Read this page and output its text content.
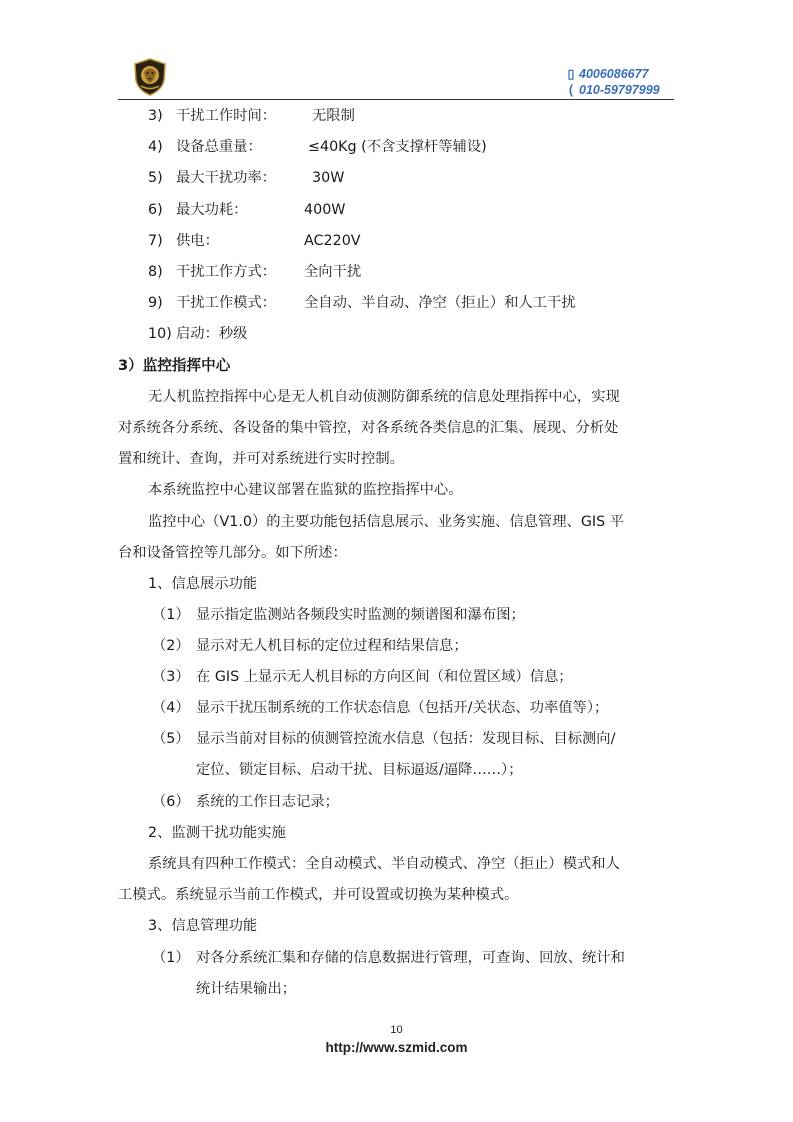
▯ 4006086677
( 010-59797999
3) 干扰工作时间：	无限制
4) 设备总重量：	≤40Kg (不含支撑杆等辅设)
5) 最大干扰功率：	30W
6) 最大功耗：	400W
7) 供电：	AC220V
8) 干扰工作方式： 全向干扰
9) 干扰工作模式： 全自动、半自动、净空（拒止）和人工干扰
10) 启动：秒级
3）监控指挥中心
无人机监控指挥中心是无人机自动侦测防御系统的信息处理指挥中心，实现
对系统各分系统、各设备的集中管控，对各系统各类信息的汇集、展现、分析处
置和统计、查询，并可对系统进行实时控制。
本系统监控中心建议部署在监狱的监控指挥中心。
监控中心（V1.0）的主要功能包括信息展示、业务实施、信息管理、GIS 平
台和设备管控等几部分。如下所述：
1、信息展示功能
（1） 显示指定监测站各频段实时监测的频谱图和瀑布图；
（2） 显示对无人机目标的定位过程和结果信息；
（3） 在 GIS 上显示无人机目标的方向区间（和位置区域）信息；
（4） 显示干扰压制系统的工作状态信息（包括开/关状态、功率值等）；
（5） 显示当前对目标的侦测管控流水信息（包括：发现目标、目标测向/
定位、锁定目标、启动干扰、目标逼返/逼降……）；
（6） 系统的工作日志记录；
2、监测干扰功能实施
系统具有四种工作模式：全自动模式、半自动模式、净空（拒止）模式和人
工模式。系统显示当前工作模式，并可设置或切换为某种模式。
3、信息管理功能
（1） 对各分系统汇集和存储的信息数据进行管理，可查询、回放、统计和
统计结果输出；
10
http://www.szmid.com
